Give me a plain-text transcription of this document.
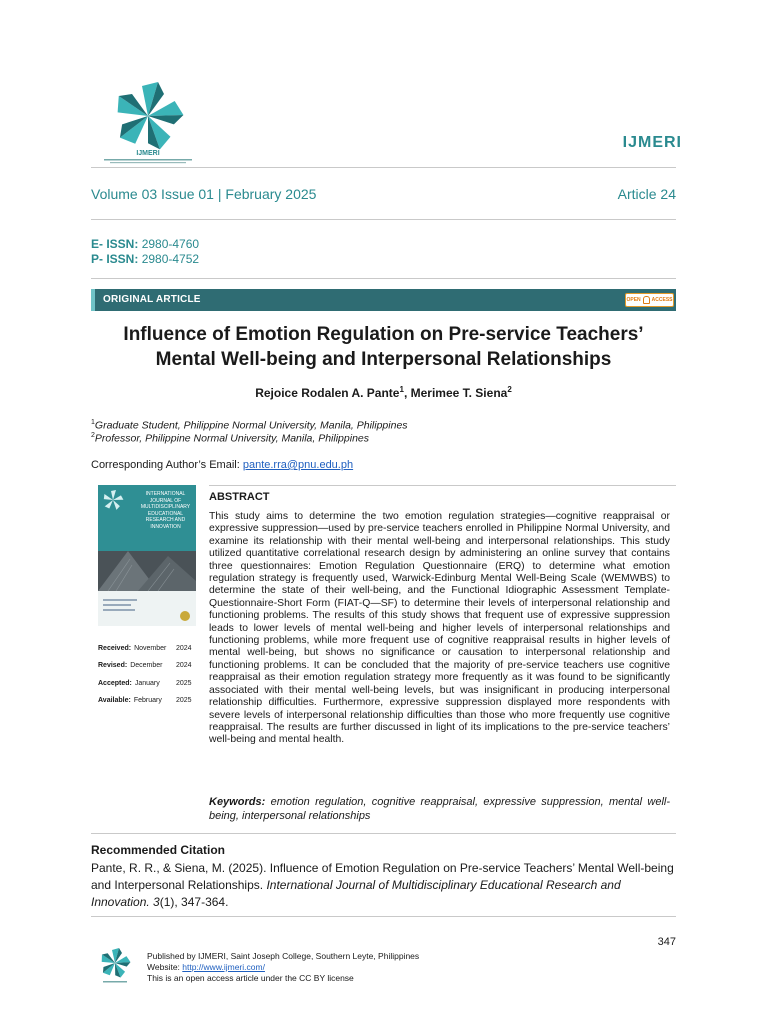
IJMERI
IJMERI
Volume 03 Issue 01 | February 2025	Article 24
E- ISSN: 2980-4760
P- ISSN: 2980-4752
ORIGINAL ARTICLE	OPEN ACCESS
Influence of Emotion Regulation on Pre-service Teachers’
Mental Well-being and Interpersonal Relationships
Rejoice Rodalen A. Pante$^1$, Merimee T. Siena$^2$
$^1$Graduate Student, Philippine Normal University, Manila, Philippines
$^2$Professor, Philippine Normal University, Manila, Philippines
Corresponding Author’s Email: pante.rra@pnu.edu.ph
INTERNATIONAL JOURNAL OF MULTIDISCIPLINARY EDUCATIONAL RESEARCH AND INNOVATION
Received: November 2024
Revised: December 2024
Accepted: January 2025
Available: February 2025
ABSTRACT
This study aims to determine the two emotion regulation strategies—cognitive reappraisal or expressive suppression—used by pre-service teachers enrolled in Philippine Normal University, and examine its relationship with their mental well-being and interpersonal relationships. This study utilized quantitative correlational research design by administering an online survey that contains three questionnaires: Emotion Regulation Questionnaire (ERQ) to determine what emotion regulation strategy is frequently used, Warwick-Edinburg Mental Well-Being Scale (WEMWBS) to determine the state of their well-being, and the Functional Idiographic Assessment Template-Questionnaire-Short Form (FIAT-Q—SF) to determine their levels of interpersonal relationship and functioning problems. The results of this study shows that frequent use of expressive suppression leads to lower levels of mental well-being and higher levels of interpersonal relationships and functioning problems, while more frequent use of cognitive reappraisal results in higher levels of mental well-being, but shows no significance or causation to interpersonal relationship and functioning problems. It can be concluded that the majority of pre-service teachers use cognitive reappraisal as their emotion regulation strategy more frequently as it was found to be significantly associated with their mental well-being levels, but was insignificant in producing interpersonal relationship difficulties. Furthermore, expressive suppression displayed more respondents with severe levels of interpersonal relationship difficulties than those who more frequently use cognitive reappraisal. The results are further discussed in light of its implications to the pre-service teachers’ well-being and mental health.
Keywords: emotion regulation, cognitive reappraisal, expressive suppression, mental well-being, interpersonal relationships
Recommended Citation
Pante, R. R., & Siena, M. (2025). Influence of Emotion Regulation on Pre-service Teachers’ Mental Well-being and Interpersonal Relationships. International Journal of Multidisciplinary Educational Research and Innovation. 3(1), 347-364.
347
Published by IJMERI, Saint Joseph College, Southern Leyte, Philippines
Website: http://www.ijmeri.com/
This is an open access article under the CC BY license
